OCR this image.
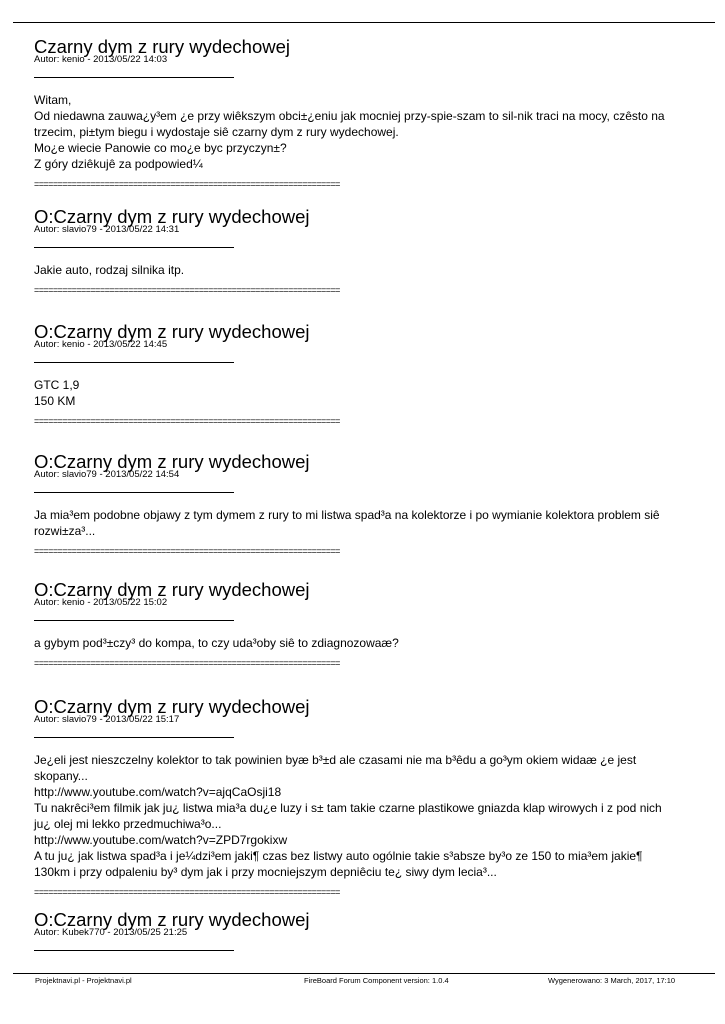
Czarny dym z rury wydechowej
Autor: kenio - 2013/05/22 14:03
Witam,
Od niedawna zauwa¿y³em ¿e przy wiêkszym obci±¿eniu jak mocniej przy-spie-szam to sil-nik traci na mocy, czêsto na trzecim, pi±tym biegu i wydostaje siê czarny dym z rury wydechowej.
Mo¿e wiecie Panowie co mo¿e byc przyczyn±?
Z góry dziêkujê za podpowied¼
=================================================================
O:Czarny dym z rury wydechowej
Autor: slavio79 - 2013/05/22 14:31
Jakie auto, rodzaj silnika itp.
=================================================================
O:Czarny dym z rury wydechowej
Autor: kenio - 2013/05/22 14:45
GTC 1,9
150 KM
=================================================================
O:Czarny dym z rury wydechowej
Autor: slavio79 - 2013/05/22 14:54
Ja mia³em podobne objawy z tym dymem z rury to mi listwa spad³a na kolektorze i po wymianie kolektora problem siê rozwi±za³...
=================================================================
O:Czarny dym z rury wydechowej
Autor: kenio - 2013/05/22 15:02
a gybym pod³±czy³ do kompa, to czy uda³oby siê to zdiagnozowaæ?
=================================================================
O:Czarny dym z rury wydechowej
Autor: slavio79 - 2013/05/22 15:17
Je¿eli jest nieszczelny kolektor to tak powinien byæ b³±d ale czasami nie ma b³êdu a go³ym okiem widaæ ¿e jest skopany...
http://www.youtube.com/watch?v=ajqCaOsji18
Tu nakrêci³em filmik jak ju¿ listwa mia³a du¿e luzy i s± tam takie czarne plastikowe gniazda klap wirowych i z pod nich ju¿ olej mi lekko przedmuchiwa³o...
http://www.youtube.com/watch?v=ZPD7rgokixw
A tu ju¿ jak listwa spad³a i je¼dzi³em jaki¶ czas bez listwy auto ogólnie takie s³absze by³o ze 150 to mia³em jakie¶ 130km i przy odpaleniu by³ dym jak i przy mocniejszym depniêciu te¿ siwy dym lecia³...
=================================================================
O:Czarny dym z rury wydechowej
Autor: Kubek770 - 2013/05/25 21:25
Projektnavi.pl - Projektnavi.pl	FireBoard Forum Component version: 1.0.4	Wygenerowano: 3 March, 2017, 17:10
